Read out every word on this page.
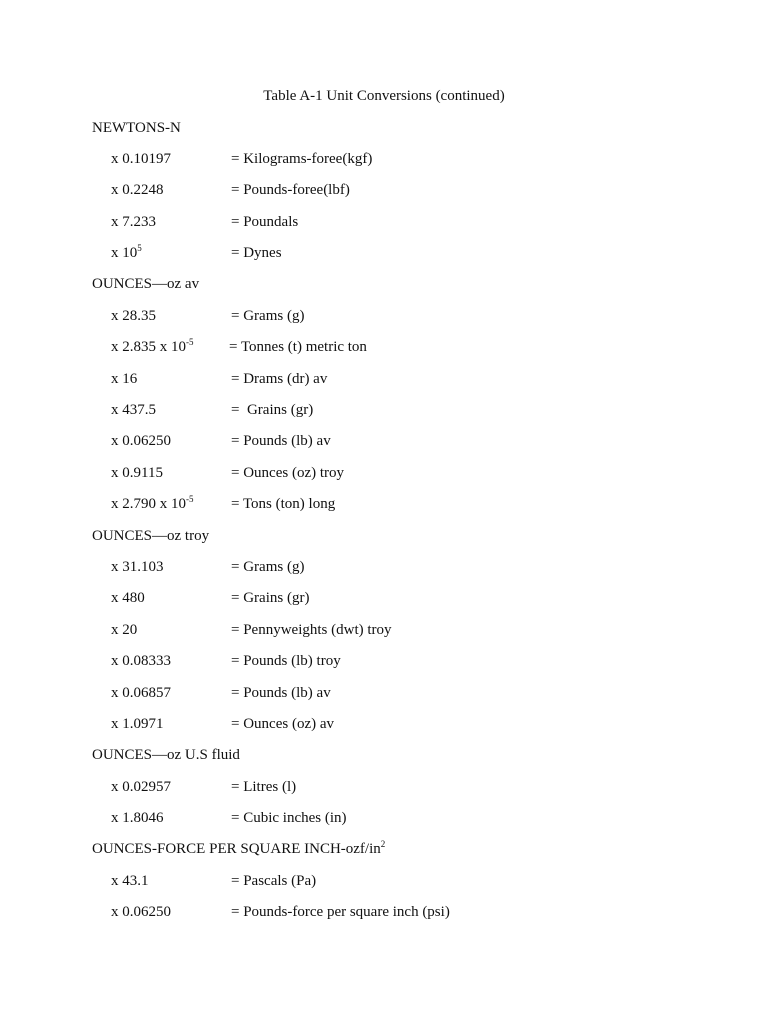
Table A-1 Unit Conversions (continued)
NEWTONS-N
x 0.10197	= Kilograms-foree(kgf)
x 0.2248	= Pounds-foree(lbf)
x 7.233	= Poundals
x $10^5$	= Dynes
OUNCES—oz av
x 28.35	= Grams (g)
x 2.835 x $10^{-5}$ = Tonnes (t) metric ton
x 16	= Drams (dr) av
x 437.5	=  Grains (gr)
x 0.06250	= Pounds (lb) av
x 0.9115	= Ounces (oz) troy
x 2.790 x $10^{-5}$	= Tons (ton) long
OUNCES—oz troy
x 31.103	= Grams (g)
x 480	= Grains (gr)
x 20	= Pennyweights (dwt) troy
x 0.08333	= Pounds (lb) troy
x 0.06857	= Pounds (lb) av
x 1.0971	= Ounces (oz) av
OUNCES—oz U.S fluid
x 0.02957	= Litres (l)
x 1.8046	= Cubic inches (in)
OUNCES-FORCE PER SQUARE INCH-$ozf/in^2$
x 43.1	= Pascals (Pa)
x 0.06250	= Pounds-force per square inch (psi)
